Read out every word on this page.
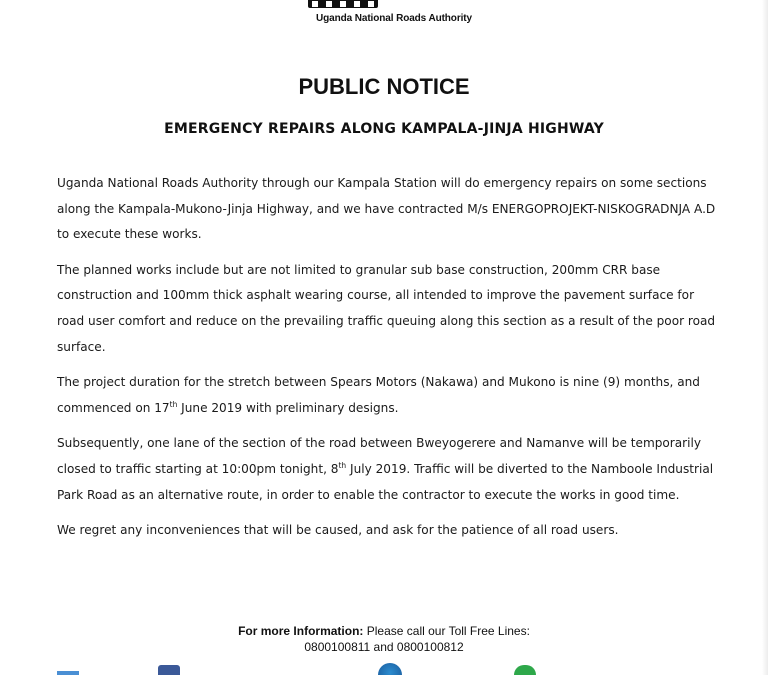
Uganda National Roads Authority
PUBLIC NOTICE
EMERGENCY REPAIRS ALONG KAMPALA-JINJA HIGHWAY

Uganda National Roads Authority through our Kampala Station will do emergency repairs on some sections along the Kampala-Mukono-Jinja Highway, and we have contracted M/s ENERGOPROJEKT-NISKOGRADNJA A.D to execute these works.

The planned works include but are not limited to granular sub base construction, 200mm CRR base construction and 100mm thick asphalt wearing course, all intended to improve the pavement surface for road user comfort and reduce on the prevailing traffic queuing along this section as a result of the poor road surface.

The project duration for the stretch between Spears Motors (Nakawa) and Mukono is nine (9) months, and commenced on 17th June 2019 with preliminary designs.

Subsequently, one lane of the section of the road between Bweyogerere and Namanve will be temporarily closed to traffic starting at 10:00pm tonight, 8th July 2019. Traffic will be diverted to the Namboole Industrial Park Road as an alternative route, in order to enable the contractor to execute the works in good time.

We regret any inconveniences that will be caused, and ask for the patience of all road users.

For more Information: Please call our Toll Free Lines:
0800100811 and 0800100812
